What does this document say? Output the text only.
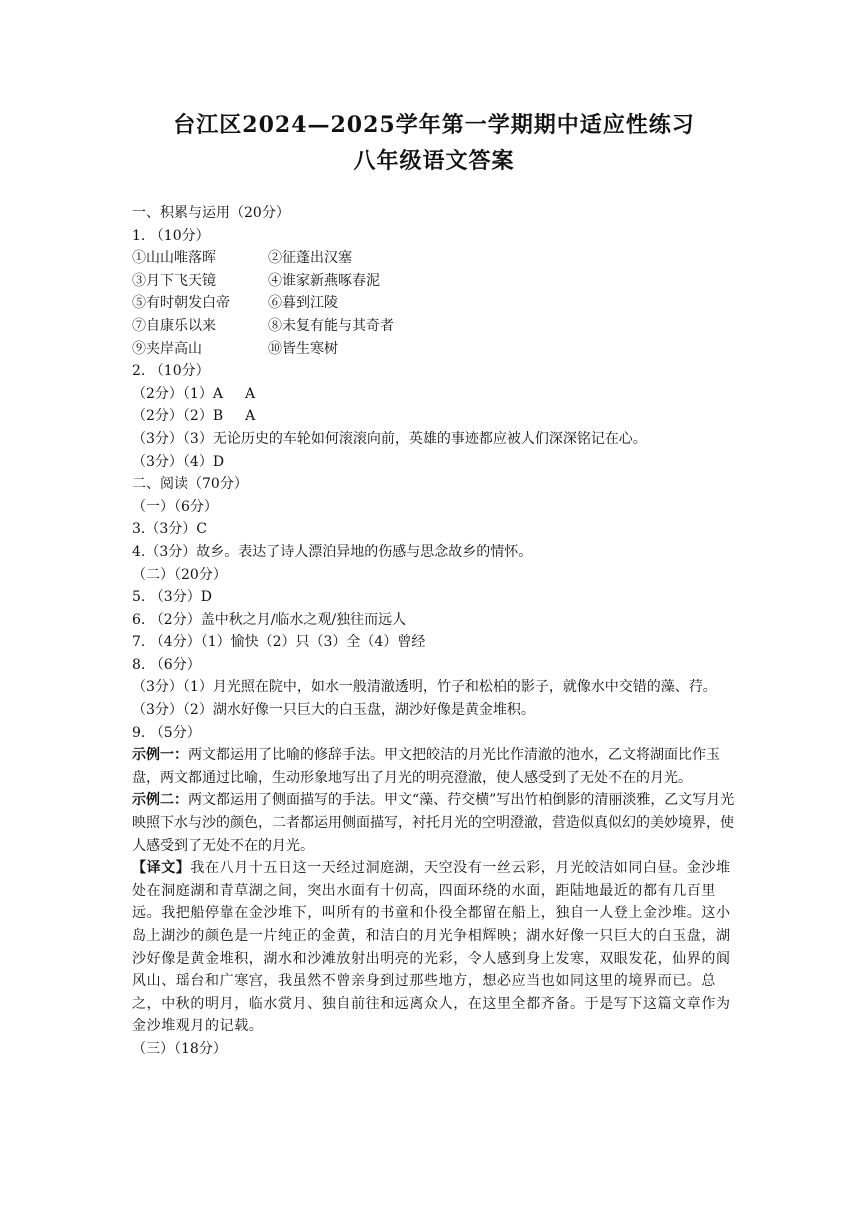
台江区2024—2025学年第一学期期中适应性练习
八年级语文答案
一、积累与运用（20分）
1. （10分）
①山山唯落晖	②征蓬出汉塞
③月下飞天镜	④谁家新燕啄春泥
⑤有时朝发白帝	⑥暮到江陵
⑦自康乐以来	⑧未复有能与其奇者
⑨夹岸高山	⑩皆生寒树
2. （10分）
（2分）（1）A A
（2分）（2）B A
（3分）（3）无论历史的车轮如何滚滚向前，英雄的事迹都应被人们深深铭记在心。
（3分）（4）D
二、阅读（70分）
（一）（6分）
3.（3分）C
4.（3分）故乡。表达了诗人漂泊异地的伤感与思念故乡的情怀。
（二）（20分）
5. （3分）D
6. （2分）盖中秋之月/临水之观/独往而远人
7. （4分）（1）愉快（2）只（3）全（4）曾经
8. （6分）
（3分）（1）月光照在院中，如水一般清澈透明，竹子和松柏的影子，就像水中交错的藻、荇。
（3分）（2）湖水好像一只巨大的白玉盘，湖沙好像是黄金堆积。
9. （5分）
示例一：两文都运用了比喻的修辞手法。甲文把皎洁的月光比作清澈的池水，乙文将湖面比作玉盘，两文都通过比喻，生动形象地写出了月光的明亮澄澈，使人感受到了无处不在的月光。
示例二：两文都运用了侧面描写的手法。甲文“藻、荇交横”写出竹柏倒影的清丽淡雅，乙文写月光映照下水与沙的颜色，二者都运用侧面描写，衬托月光的空明澄澈，营造似真似幻的美妙境界，使人感受到了无处不在的月光。
【译文】我在八月十五日这一天经过洞庭湖，天空没有一丝云彩，月光皎洁如同白昼。金沙堆处在洞庭湖和青草湖之间，突出水面有十仞高，四面环绕的水面，距陆地最近的都有几百里远。我把船停靠在金沙堆下，叫所有的书童和仆役全都留在船上，独自一人登上金沙堆。这小岛上湖沙的颜色是一片纯正的金黄，和洁白的月光争相辉映；湖水好像一只巨大的白玉盘，湖沙好像是黄金堆积，湖水和沙滩放射出明亮的光彩，令人感到身上发寒，双眼发花，仙界的阆风山、瑶台和广寒宫，我虽然不曾亲身到过那些地方，想必应当也如同这里的境界而已。总之，中秋的明月，临水赏月、独自前往和远离众人，在这里全都齐备。于是写下这篇文章作为金沙堆观月的记载。
（三）（18分）
